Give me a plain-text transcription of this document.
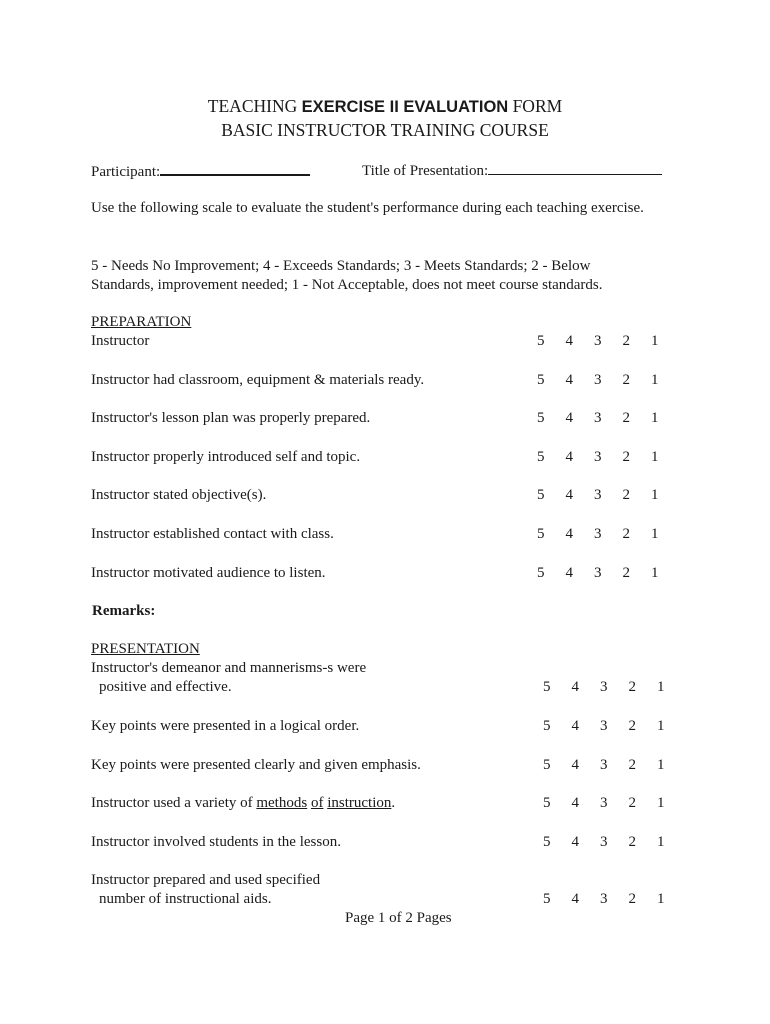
TEACHING EXERCISE II EVALUATION FORM
BASIC INSTRUCTOR TRAINING COURSE
Participant:	Title of Presentation:
Use the following scale to evaluate the student's performance during each teaching exercise.
5 - Needs No Improvement; 4 - Exceeds Standards; 3 - Meets Standards; 2 - Below
Standards, improvement needed; 1 - Not Acceptable, does not meet course standards.
PREPARATION
Instructor	5	4	3	2	1
Instructor had classroom, equipment & materials ready.	5	4	3	2	1
Instructor's lesson plan was properly prepared.	5	4	3	2	1
Instructor properly introduced self and topic.	5	4	3	2	1
Instructor stated objective(s).	5	4	3	2	1
Instructor established contact with class.	5	4	3	2	1
Instructor motivated audience to listen.	5	4	3	2	1
Remarks:
PRESENTATION
Instructor's demeanor and mannerisms-s were
positive and effective.	5	4	3	2	1
Key points were presented in a logical order.	5	4	3	2	1
Key points were presented clearly and given emphasis.	5	4	3	2	1
Instructor used a variety of methods of instruction.	5	4	3	2	1
Instructor involved students in the lesson.	5	4	3	2	1
Instructor prepared and used specified
number of instructional aids.	5	4	3	2	1
Page 1 of 2 Pages
